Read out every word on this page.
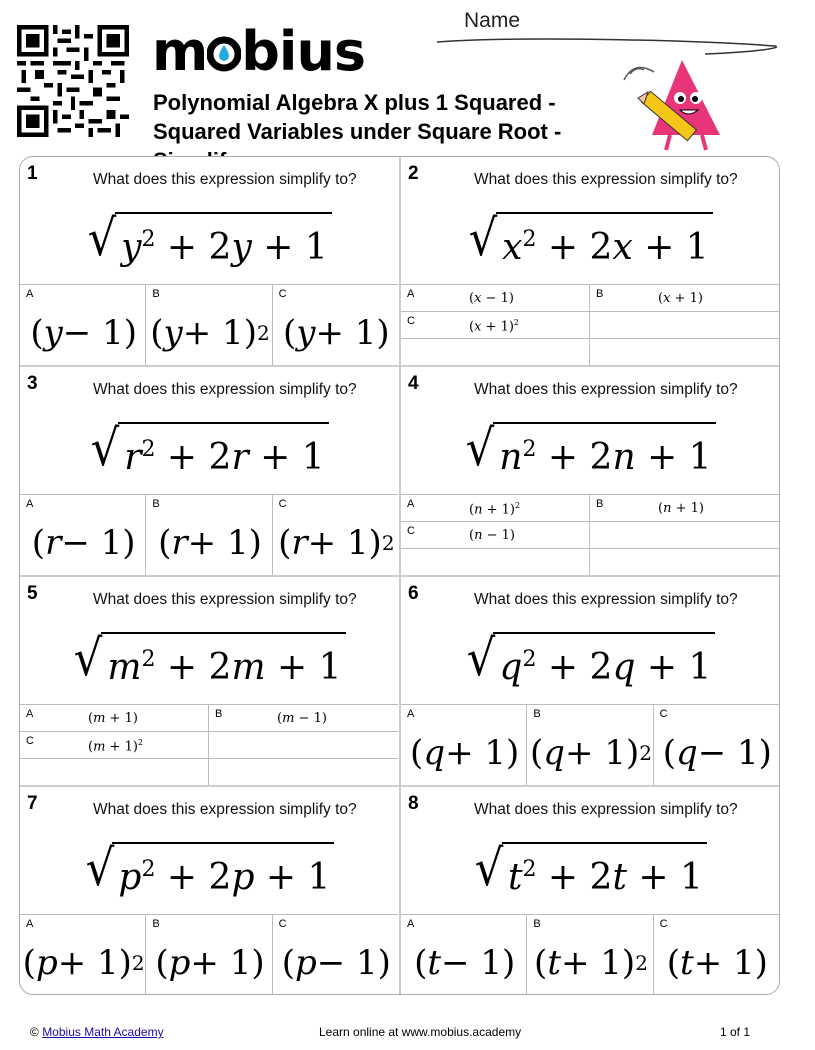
m bius	Name
Polynomial Algebra X plus 1 Squared - Squared Variables under Square Root -
1	What does this expression simplify to?
√ $y^2 + 2y + 1$
A
( y − 1)
B
( y + 1) 2
C
( y + 1)
2	What does this expression simplify to?
√ $x^2 + 2x + 1$
A	(x − 1)	B	(x + 1)
C	$(x + 1)^2$
3	What does this expression simplify to?
√ $r^2 + 2r + 1$
A
( r − 1)
B
( r + 1)
C
( r + 1) 2
4	What does this expression simplify to?
√ $n^2 + 2n + 1$
A	$(n + 1)^2$	B	(n + 1)
C	(n − 1)
5	What does this expression simplify to?
√ $m^2 + 2m + 1$
A	(m + 1)	B	(m − 1)
C	$(m + 1)^2$
6	What does this expression simplify to?
√ $q^2 + 2q + 1$
A
( q + 1)
B
( q + 1) 2
C
( q − 1)
7	What does this expression simplify to?
√ $p^2 + 2p + 1$
A
( p + 1) 2
B
( p + 1)
C
( p − 1)
8	What does this expression simplify to?
√ $t^2 + 2t + 1$
A
( t − 1)
B
( t + 1) 2
C
( t + 1)
© Mobius Math Academy	Learn online at www.mobius.academy	1 of 1
